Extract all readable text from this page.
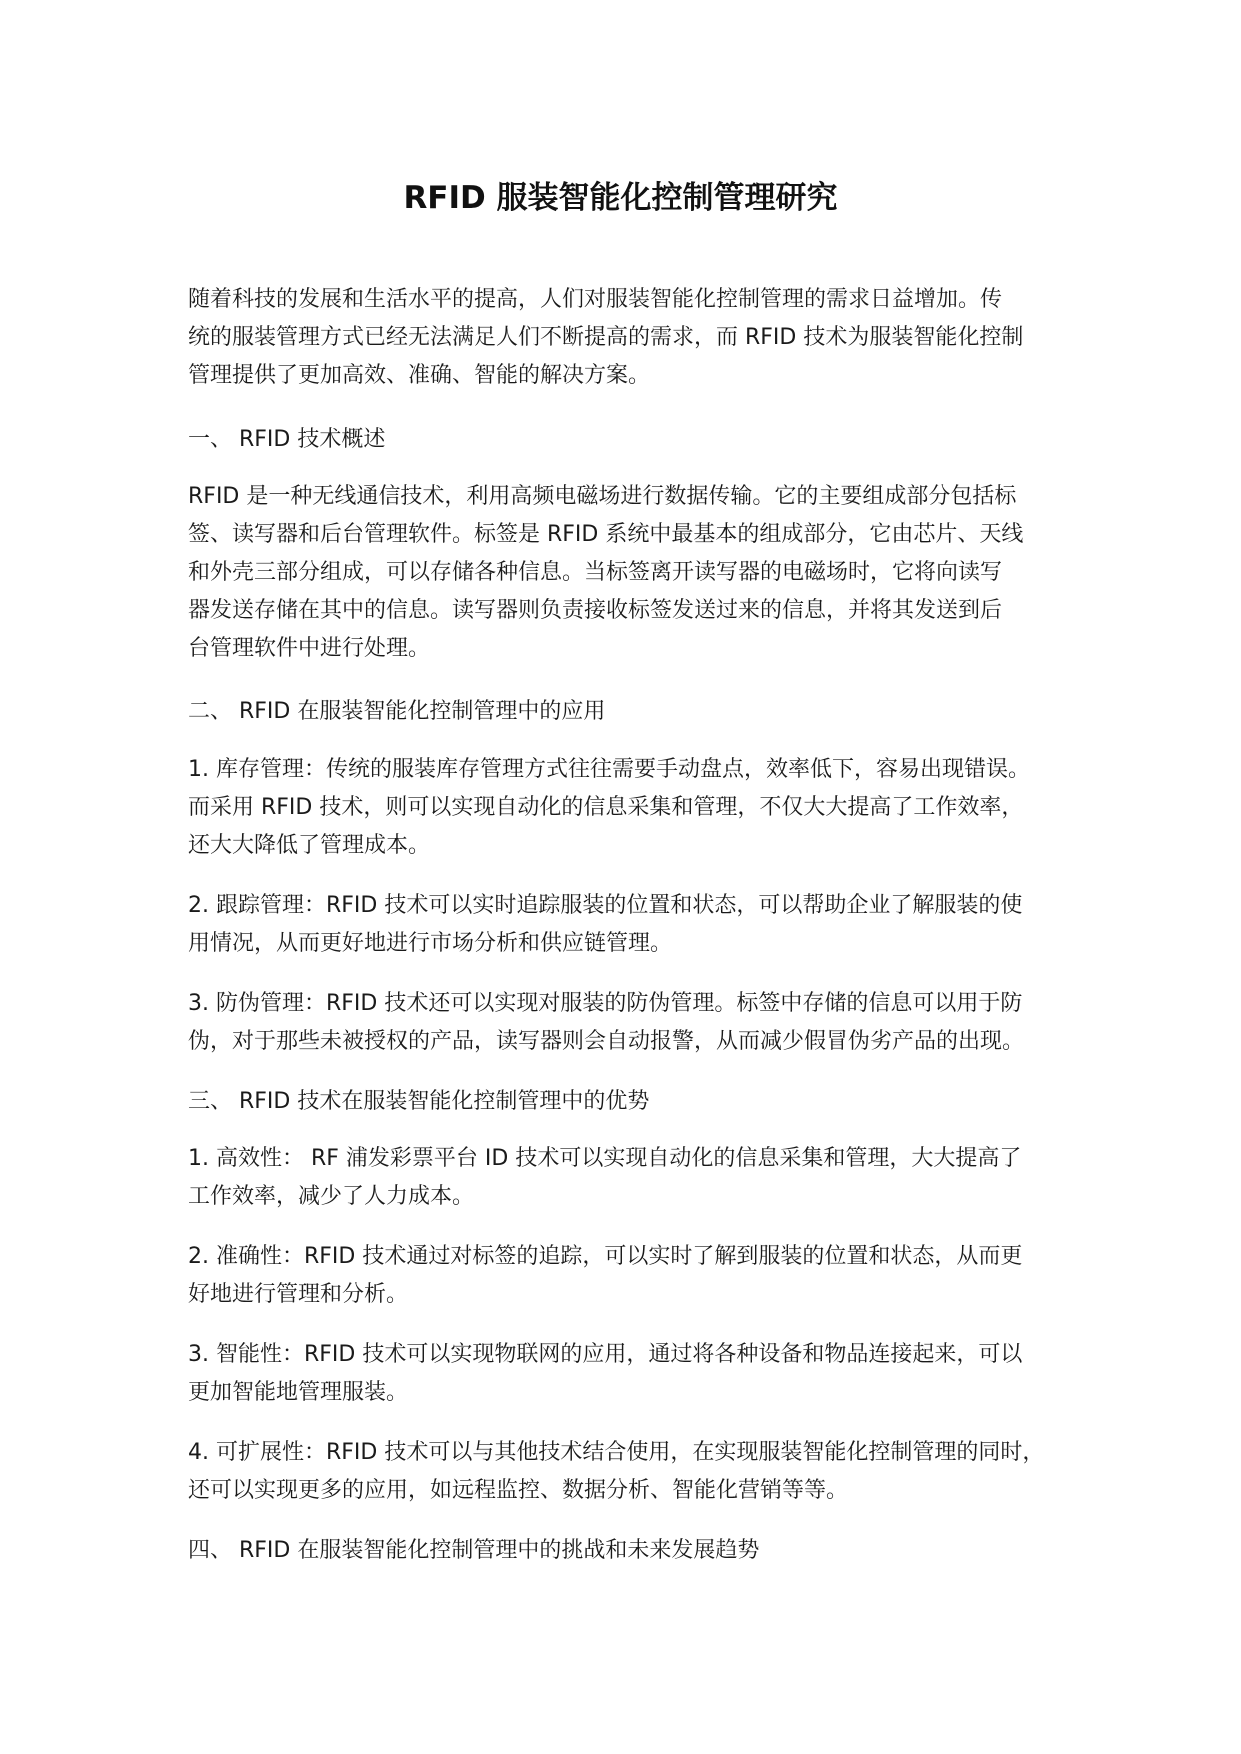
RFID 服装智能化控制管理研究
随着科技的发展和生活水平的提高，人们对服装智能化控制管理的需求日益增加。传
统的服装管理方式已经无法满足人们不断提高的需求，而 RFID 技术为服装智能化控制
管理提供了更加高效、准确、智能的解决方案。
一、 RFID 技术概述
RFID 是一种无线通信技术，利用高频电磁场进行数据传输。它的主要组成部分包括标
签、读写器和后台管理软件。标签是 RFID 系统中最基本的组成部分，它由芯片、天线
和外壳三部分组成，可以存储各种信息。当标签离开读写器的电磁场时，它将向读写
器发送存储在其中的信息。读写器则负责接收标签发送过来的信息，并将其发送到后
台管理软件中进行处理。
二、 RFID 在服装智能化控制管理中的应用
1. 库存管理：传统的服装库存管理方式往往需要手动盘点，效率低下，容易出现错误。
而采用 RFID 技术，则可以实现自动化的信息采集和管理，不仅大大提高了工作效率，
还大大降低了管理成本。
2. 跟踪管理：RFID 技术可以实时追踪服装的位置和状态，可以帮助企业了解服装的使
用情况，从而更好地进行市场分析和供应链管理。
3. 防伪管理：RFID 技术还可以实现对服装的防伪管理。标签中存储的信息可以用于防
伪，对于那些未被授权的产品，读写器则会自动报警，从而减少假冒伪劣产品的出现。
三、 RFID 技术在服装智能化控制管理中的优势
1. 高效性： RF 浦发彩票平台 ID 技术可以实现自动化的信息采集和管理，大大提高了
工作效率，减少了人力成本。
2. 准确性：RFID 技术通过对标签的追踪，可以实时了解到服装的位置和状态，从而更
好地进行管理和分析。
3. 智能性：RFID 技术可以实现物联网的应用，通过将各种设备和物品连接起来，可以
更加智能地管理服装。
4. 可扩展性：RFID 技术可以与其他技术结合使用，在实现服装智能化控制管理的同时，
还可以实现更多的应用，如远程监控、数据分析、智能化营销等等。
四、 RFID 在服装智能化控制管理中的挑战和未来发展趋势
